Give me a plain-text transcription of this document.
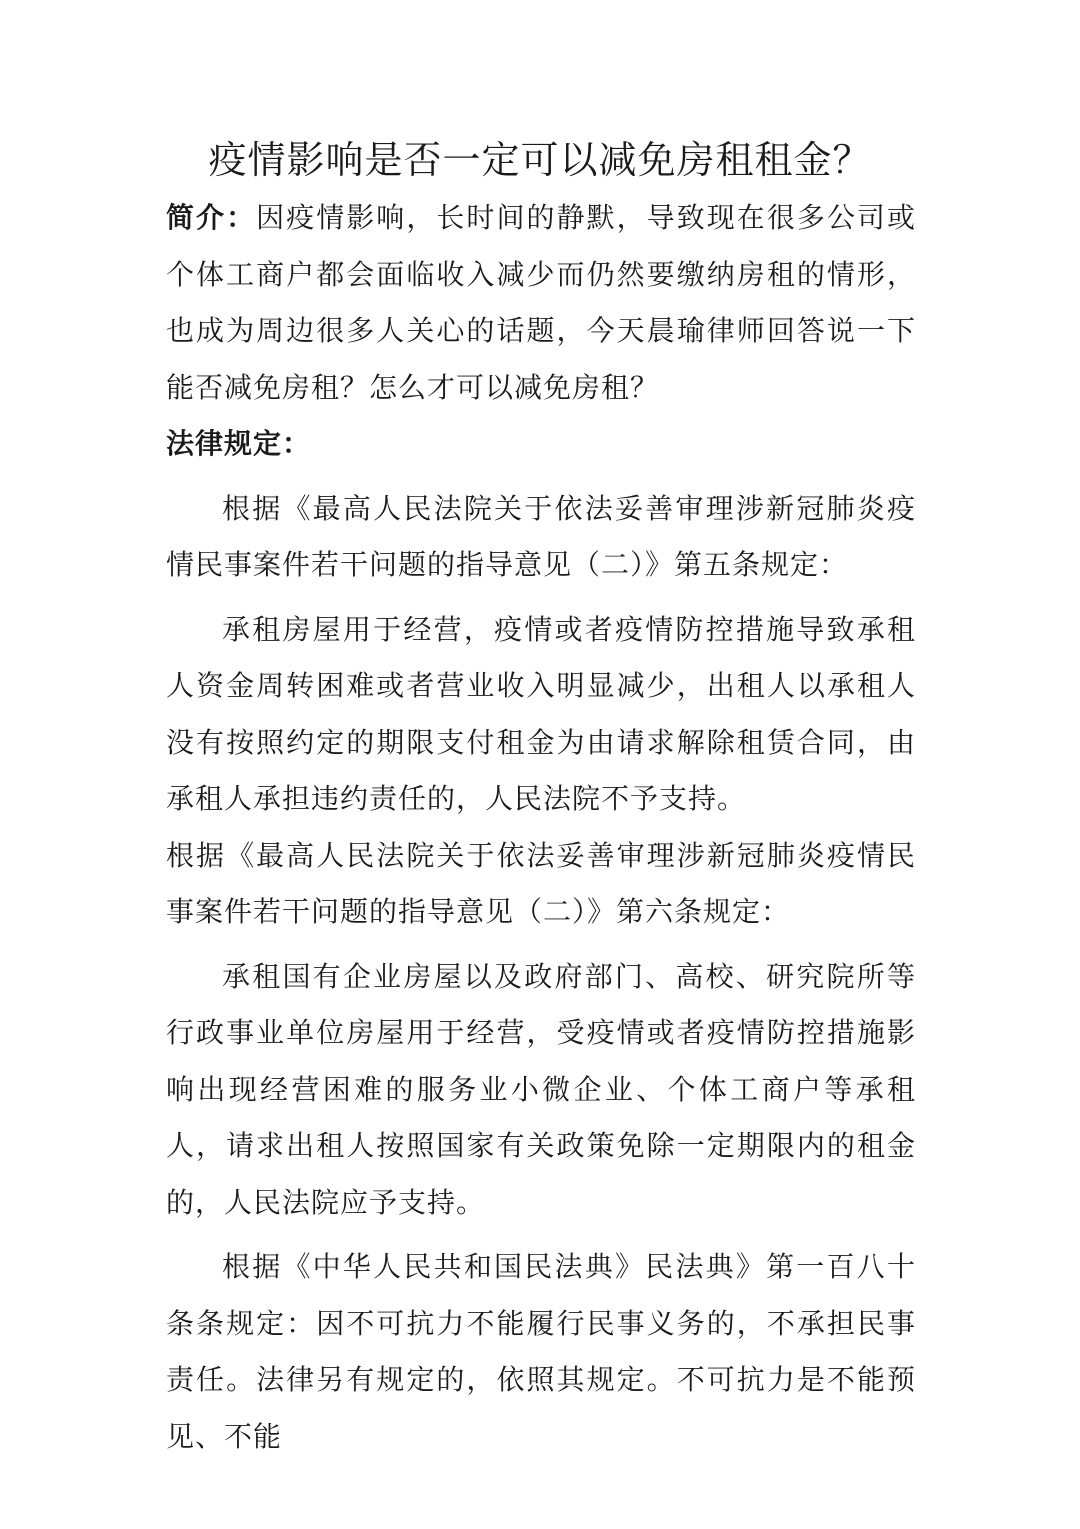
疫情影响是否一定可以减免房租租金？

简介：因疫情影响，长时间的静默，导致现在很多公司或个体工商户都会面临收入减少而仍然要缴纳房租的情形，也成为周边很多人关心的话题，今天晨瑜律师回答说一下能否减免房租？怎么才可以减免房租？

法律规定：

根据《最高人民法院关于依法妥善审理涉新冠肺炎疫情民事案件若干问题的指导意见（二）》第五条规定：

承租房屋用于经营，疫情或者疫情防控措施导致承租人资金周转困难或者营业收入明显减少，出租人以承租人没有按照约定的期限支付租金为由请求解除租赁合同，由承租人承担违约责任的，人民法院不予支持。

根据《最高人民法院关于依法妥善审理涉新冠肺炎疫情民事案件若干问题的指导意见（二）》第六条规定：

承租国有企业房屋以及政府部门、高校、研究院所等行政事业单位房屋用于经营，受疫情或者疫情防控措施影响出现经营困难的服务业小微企业、个体工商户等承租人，请求出租人按照国家有关政策免除一定期限内的租金的，人民法院应予支持。

根据《中华人民共和国民法典》民法典》第一百八十条条规定：因不可抗力不能履行民事义务的，不承担民事责任。法律另有规定的，依照其规定。不可抗力是不能预见、不能
